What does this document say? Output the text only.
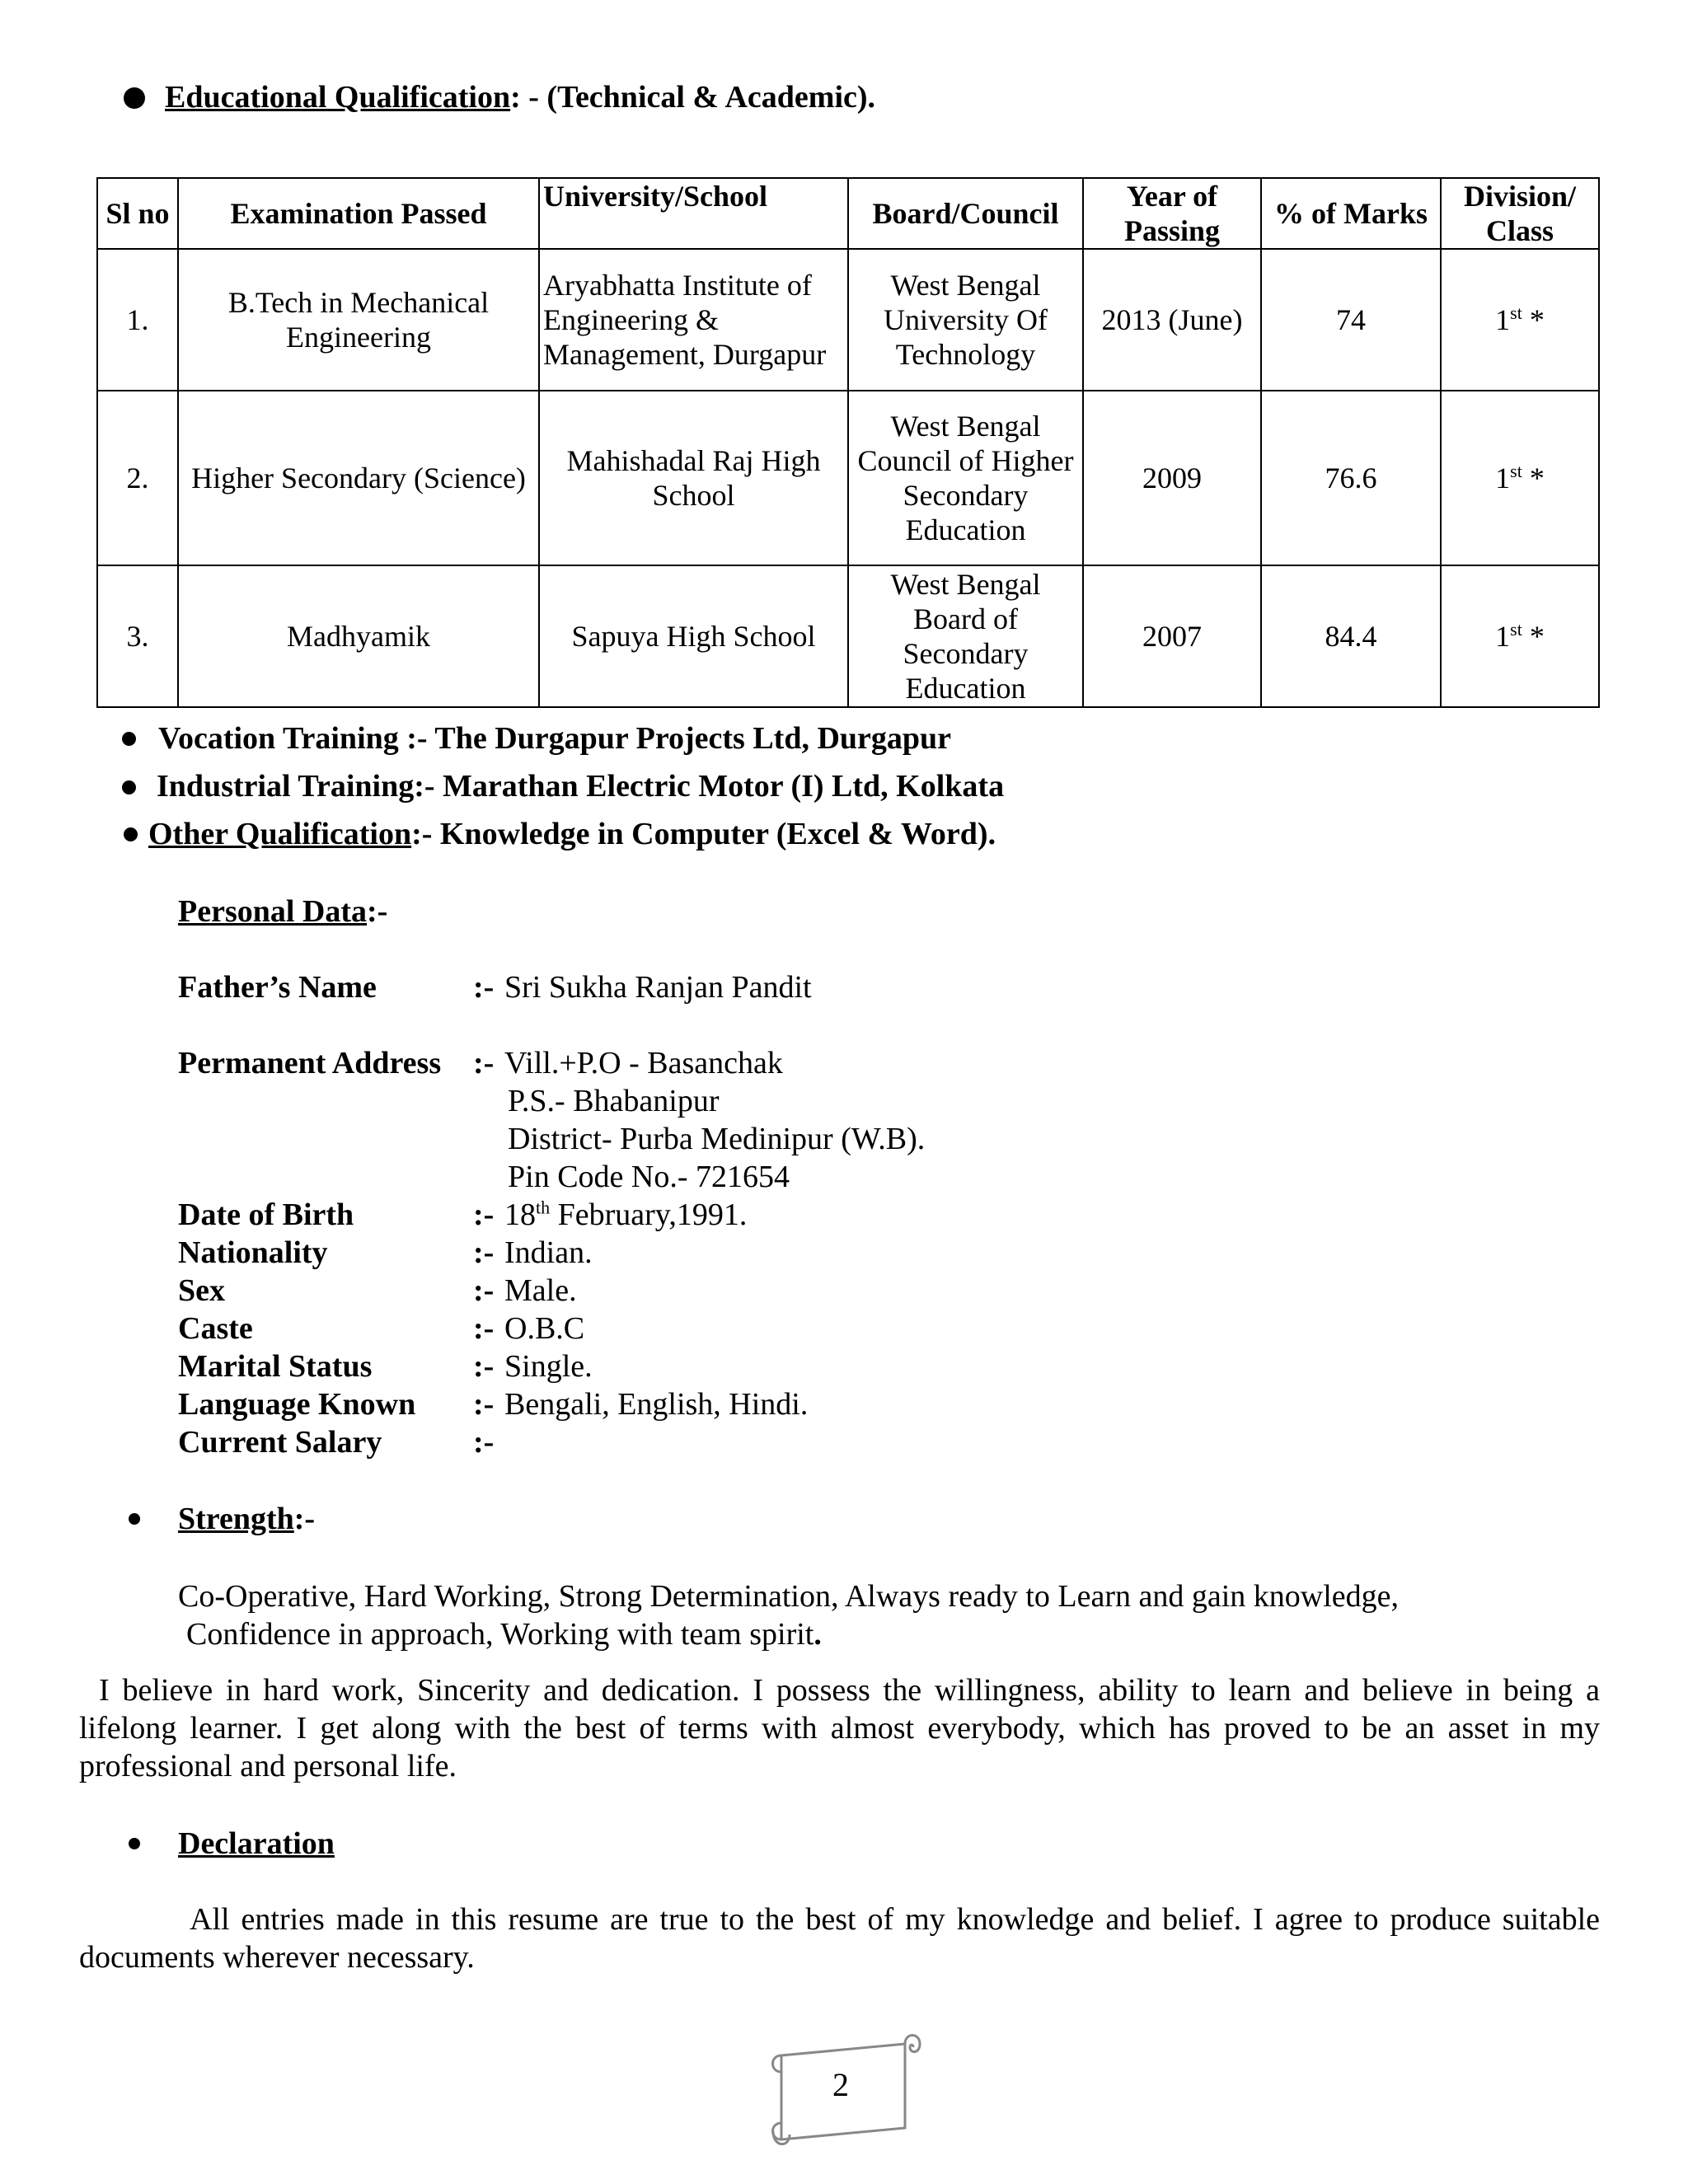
Educational Qualification: - (Technical & Academic).
Sl no	Examination Passed	University/School	Board/Council	Year of Passing	% of Marks	Division/ Class
1.	B.Tech in Mechanical Engineering	Aryabhatta Institute of Engineering & Management, Durgapur	West Bengal University Of Technology	2013 (June)	74	1st *
2.	Higher Secondary (Science)	Mahishadal Raj High School	West Bengal Council of Higher Secondary Education	2009	76.6	1st *
3.	Madhyamik	Sapuya High School	West Bengal Board of Secondary Education	2007	84.4	1st *
Vocation Training :- The Durgapur Projects Ltd, Durgapur
Industrial Training:- Marathan Electric Motor (I) Ltd, Kolkata
Other Qualification:- Knowledge in Computer (Excel & Word).
Personal Data:-
Father’s Name	:- Sri Sukha Ranjan Pandit
Permanent Address :- Vill.+P.O - Basanchak
P.S.- Bhabanipur
District- Purba Medinipur (W.B).
Pin Code No.- 721654
Date of Birth	:- 18th February,1991.
Nationality	:- Indian.
Sex	:- Male.
Caste	:- O.B.C
Marital Status	:- Single.
Language Known :- Bengali, English, Hindi.
Current Salary	:-
Strength:-
Co-Operative, Hard Working, Strong Determination, Always ready to Learn and gain knowledge,
Confidence in approach, Working with team spirit.
I believe in hard work, Sincerity and dedication. I possess the willingness, ability to learn and believe in being a lifelong learner. I get along with the best of terms with almost everybody, which has proved to be an asset in my professional and personal life.
Declaration
All entries made in this resume are true to the best of my knowledge and belief. I agree to produce suitable documents wherever necessary.
2
